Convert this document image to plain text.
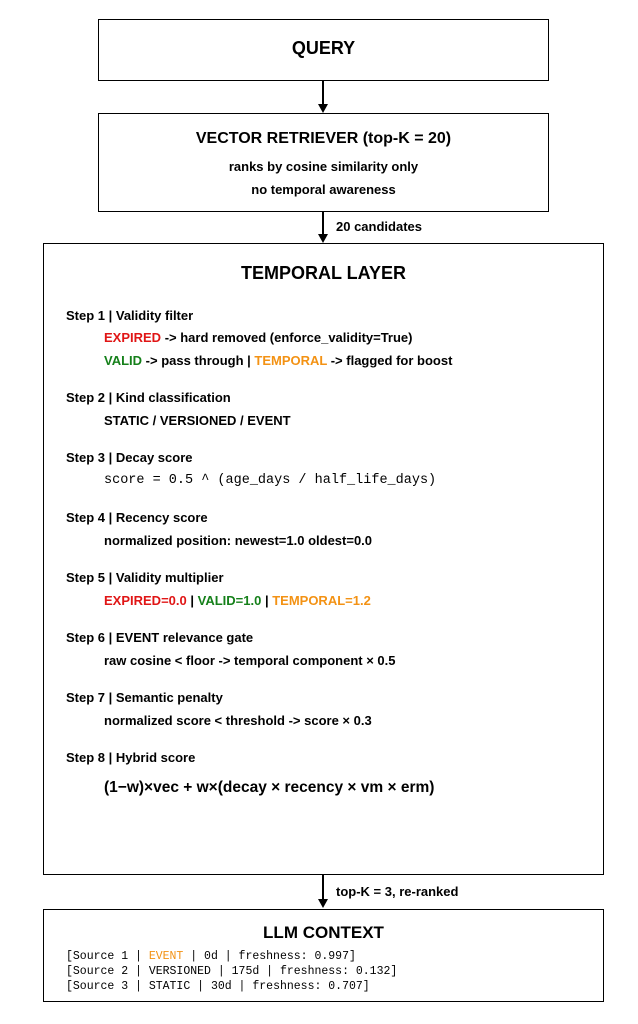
QUERY
VECTOR RETRIEVER (top-K = 20)
ranks by cosine similarity only
no temporal awareness
20 candidates
TEMPORAL LAYER
Step 1 | Validity filter
EXPIRED -> hard removed (enforce_validity=True)
VALID -> pass through | TEMPORAL -> flagged for boost
Step 2 | Kind classification
STATIC / VERSIONED / EVENT
Step 3 | Decay score
score = 0.5 ^ (age_days / half_life_days)
Step 4 | Recency score
normalized position: newest=1.0 oldest=0.0
Step 5 | Validity multiplier
EXPIRED=0.0 | VALID=1.0 | TEMPORAL=1.2
Step 6 | EVENT relevance gate
raw cosine < floor -> temporal component × 0.5
Step 7 | Semantic penalty
normalized score < threshold -> score × 0.3
Step 8 | Hybrid score
(1−w)×vec + w×(decay × recency × vm × erm)
top-K = 3, re-ranked
LLM CONTEXT
[Source 1 | EVENT | 0d | freshness: 0.997]
[Source 2 | VERSIONED | 175d | freshness: 0.132]
[Source 3 | STATIC | 30d | freshness: 0.707]
